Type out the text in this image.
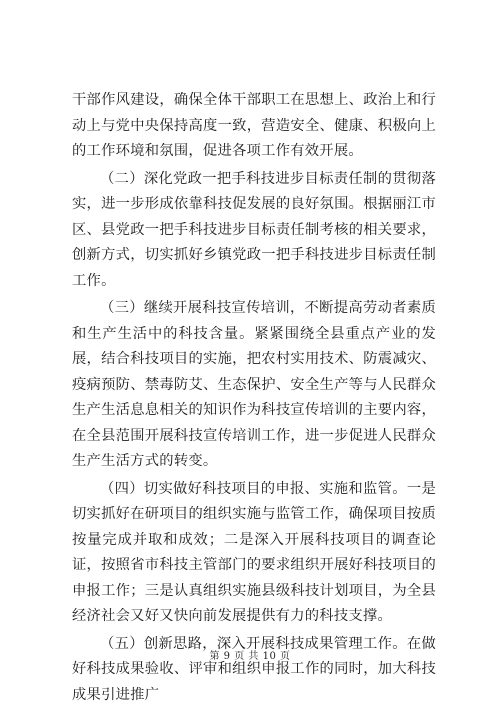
干部作风建设，确保全体干部职工在思想上、政治上和行动上与党中央保持高度一致，营造安全、健康、积极向上的工作环境和氛围，促进各项工作有效开展。

（二）深化党政一把手科技进步目标责任制的贯彻落实，进一步形成依靠科技促发展的良好氛围。根据丽江市区、县党政一把手科技进步目标责任制考核的相关要求，创新方式，切实抓好乡镇党政一把手科技进步目标责任制工作。

（三）继续开展科技宣传培训，不断提高劳动者素质和生产生活中的科技含量。紧紧围绕全县重点产业的发展，结合科技项目的实施，把农村实用技术、防震减灾、疫病预防、禁毒防艾、生态保护、安全生产等与人民群众生产生活息息相关的知识作为科技宣传培训的主要内容，在全县范围开展科技宣传培训工作，进一步促进人民群众生产生活方式的转变。

（四）切实做好科技项目的申报、实施和监管。一是切实抓好在研项目的组织实施与监管工作，确保项目按质按量完成并取和成效；二是深入开展科技项目的调查论证，按照省市科技主管部门的要求组织开展好科技项目的申报工作；三是认真组织实施县级科技计划项目，为全县经济社会又好又快向前发展提供有力的科技支撑。

（五）创新思路，深入开展科技成果管理工作。在做好科技成果验收、评审和组织申报工作的同时，加大科技成果引进推广

第 9 页 共 10 页
